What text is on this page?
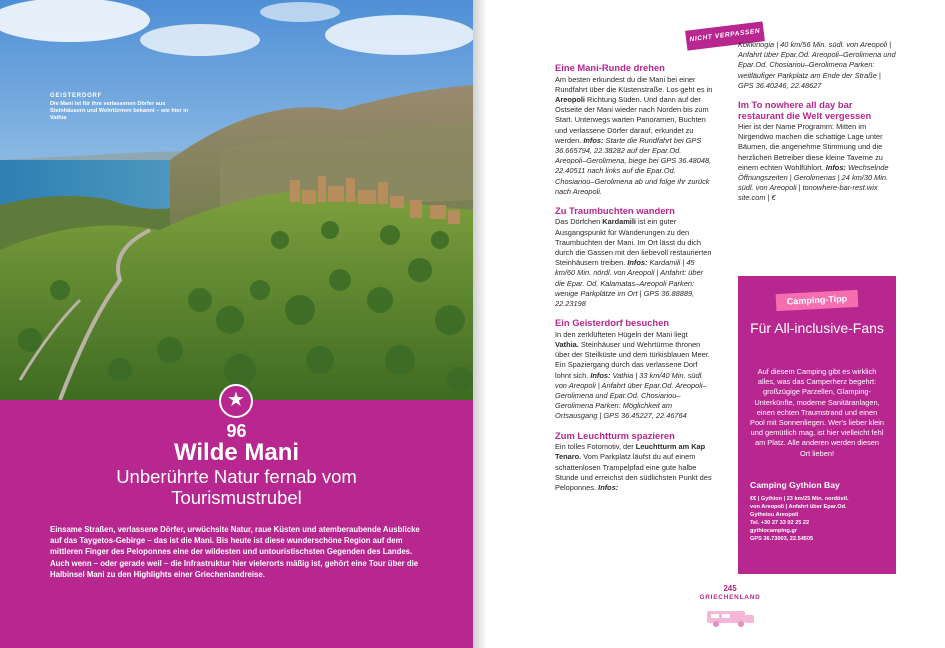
GEISTERDORF
Die Mani ist für ihre verlassenen Dörfer aus Steinhäusern und Wehrtürmen bekannt – wie hier in Vathia
★
96
Wilde Mani
Unberührte Natur fernab vom Tourismustrubel
Einsame Straßen, verlassene Dörfer, urwüchsite Natur, raue Küsten und atemberaubende Ausblicke auf das Taygetos-Gebirge – das ist die Mani. Bis heute ist diese wunderschöne Region auf dem mittleren Finger des Peloponnes eine der wildesten und untouristischsten Gegenden des Landes. Auch wenn – oder gerade weil – die Infrastruktur hier vielerorts mäßig ist, gehört eine Tour über die Halbinsel Mani zu den Highlights einer Griechenlandreise.
NICHT VERPASSEN
Eine Mani-Runde drehen

Am besten erkundest du die Mani bei einer Rundfahrt über die Küstenstraße. Los geht es in Areopoli Richtung Süden. Und dann auf der Ostseite der Mani wieder nach Norden bis zum Start. Unterwegs warten Panoramen, Buchten und verlassene Dörfer darauf, erkundet zu werden. Infos: Starte die Rundfahrt bei GPS 36.665794, 22.38282 auf der Epar.Od. Areopoli–Gerolimena, biege bei GPS 36.48048, 22.40511 nach links auf die Epar.Od. Chosiariou–Gerolimena ab und folge ihr zurück nach Areopoli.

Zu Traumbuchten wandern

Das Dörfchen Kardamili ist ein guter Ausgangspunkt für Wanderungen zu den Traumbuchten der Mani. Im Ort lässt du dich durch die Gassen mit den liebevoll restaurierten Steinhäusern treiben. Infos: Kardamili | 45 km/60 Min. nördl. von Areopoli | Anfahrt: über die Epar. Od. Kalamatas–Areopoli Parken: wenige Parkplätze im Ort | GPS 36.88889, 22.23198

Ein Geisterdorf besuchen

In den zerklüfteten Hügeln der Mani liegt Vathia. Steinhäuser und Wehrtürme thronen über der Steilküste und dem türkisblauen Meer. Ein Spaziergang durch das verlassene Dorf lohnt sich. Infos: Vathia | 33 km/40 Min. südl. von Areopoli | Anfahrt über Epar.Od. Areopoli–Gerolimena und Epar.Od. Chosiariou–Gerolimena Parken: Möglichkeit am Ortsausgang | GPS 36.45227, 22.46764

Zum Leuchtturm spazieren

Ein tolles Fotomotiv, der Leuchtturm am Kap Tenaro. Vom Parkplatz läufst du auf einem schattenlosen Trampelpfad eine gute halbe Stunde und erreichst den südlichsten Punkt des Peloponnes. Infos:

Kokkinogia | 40 km/56 Min. südl. von Areopoli | Anfahrt über Epar.Od. Areopoli–Gerolimena und Epar.Od. Chosiariou–Gerolimena Parken: weitläufiger Parkplatz am Ende der Straße | GPS 36.40246, 22.48627

Im To nowhere all day bar restaurant die Welt vergessen

Hier ist der Name Programm: Mitten im Nirgendwo machen die schattige Lage unter Bäumen, die angenehme Stimmung und die herzlichen Betreiber diese kleine Taverne zu einem echten Wohlfühlort. Infos: Wechselnde Öffnungszeiten | Gerolimenas | 24 km/30 Min. südl. von Areopoli | tonowhere-bar-rest.wix site.com | €

Camping-Tipp
Für All-inclusive-Fans
Auf diesem Camping gibt es wirklich alles, was das Camperherz begehrt: großzügige Parzellen, Glamping-Unterkünfte, moderne Sanitäranlagen, einen echten Traumstrand und einen Pool mit Sonnenliegen. Wer's lieber klein und gemütlich mag, ist hier vielleicht fehl am Platz. Alle anderen werden diesen Ort lieben!
Camping Gythion Bay
€€ | Gythion | 23 km/25 Min. nordöstl.
von Areopoli | Anfahrt über Epar.Od.
Gytheiou Areopoli
Tel. +30 27 33 02 25 22
gythiocamping.gr
GPS 36.73003, 22.54505
245
GRIECHENLAND
